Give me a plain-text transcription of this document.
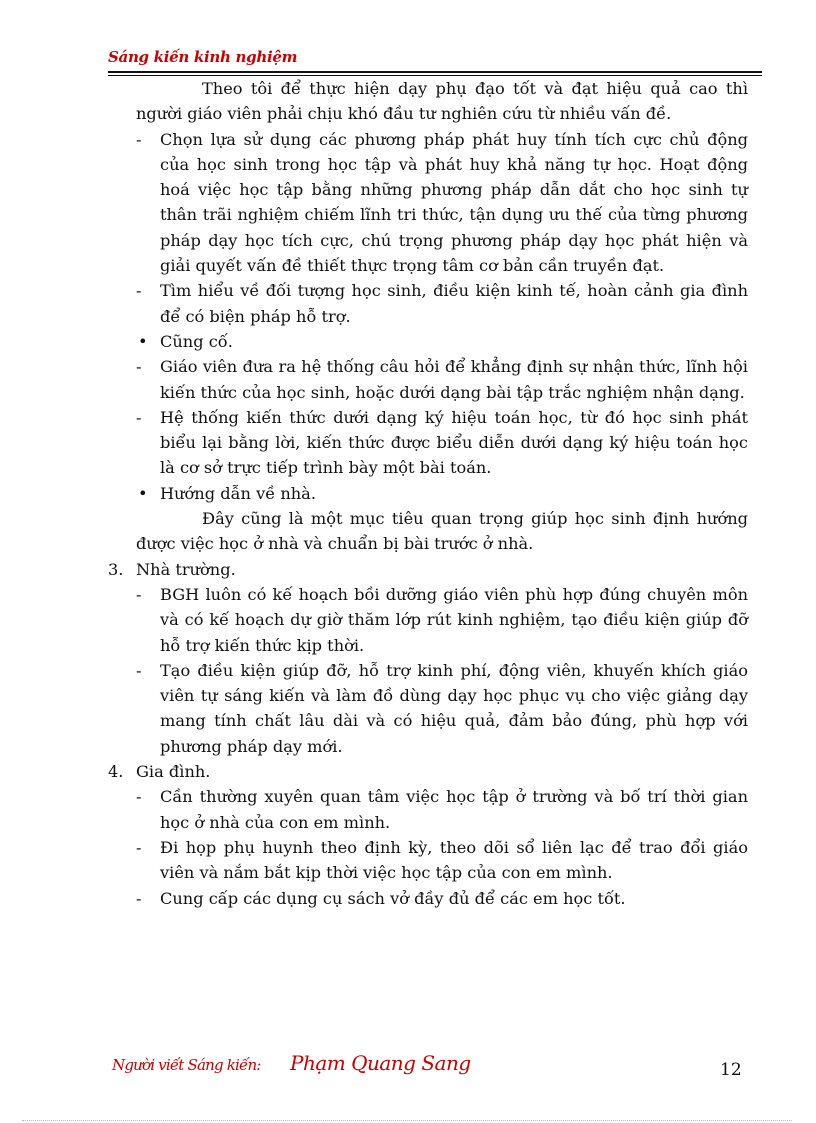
Sáng kiến kinh nghiệm

Theo tôi để thực hiện dạy phụ đạo tốt và đạt hiệu quả cao thì người giáo viên phải chịu khó đầu tư nghiên cứu từ nhiều vấn đề.

- Chọn lựa sử dụng các phương pháp phát huy tính tích cực chủ động của học sinh trong học tập và phát huy khả năng tự học. Hoạt động hoá việc học tập bằng những phương pháp dẫn dắt cho học sinh tự thân trãi nghiệm chiếm lĩnh tri thức, tận dụng ưu thế của từng phương pháp dạy học tích cực, chú trọng phương pháp dạy học phát hiện và giải quyết vấn đề thiết thực trọng tâm cơ bản cần truyền đạt.

- Tìm hiểu về đối tượng học sinh, điều kiện kinh tế, hoàn cảnh gia đình để có biện pháp hỗ trợ.

• Cũng cố.

- Giáo viên đưa ra hệ thống câu hỏi để khẳng định sự nhận thức, lĩnh hội kiến thức của học sinh, hoặc dưới dạng bài tập trắc nghiệm nhận dạng.

- Hệ thống kiến thức dưới dạng ký hiệu toán học, từ đó học sinh phát biểu lại bằng lời, kiến thức được biểu diễn dưới dạng ký hiệu toán học là cơ sở trực tiếp trình bày một bài toán.

• Hướng dẫn về nhà.

Đây cũng là một mục tiêu quan trọng giúp học sinh định hướng được việc học ở nhà và chuẩn bị bài trước ở nhà.

3. Nhà trường.

- BGH luôn có kế hoạch bồi dưỡng giáo viên phù hợp đúng chuyên môn và có kế hoạch dự giờ thăm lớp rút kinh nghiệm, tạo điều kiện giúp đỡ hỗ trợ kiến thức kịp thời.

- Tạo điều kiện giúp đỡ, hỗ trợ kinh phí, động viên, khuyến khích giáo viên tự sáng kiến và làm đồ dùng dạy học phục vụ cho việc giảng dạy mang tính chất lâu dài và có hiệu quả, đảm bảo đúng, phù hợp với phương pháp dạy mới.

4. Gia đình.

- Cần thường xuyên quan tâm việc học tập ở trường và bố trí thời gian học ở nhà của con em mình.

- Đi họp phụ huynh theo định kỳ, theo dõi sổ liên lạc để trao đổi giáo viên và nắm bắt kịp thời việc học tập của con em mình.

- Cung cấp các dụng cụ sách vở đầy đủ để các em học tốt.

Người viết Sáng kiến: Phạm Quang Sang	12
